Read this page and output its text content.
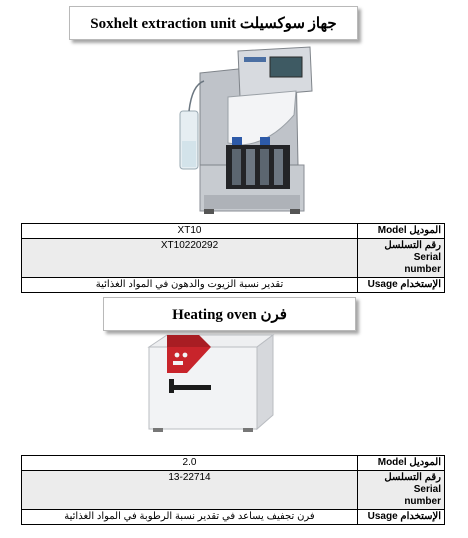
Soxhelt extraction unit جهاز سوكسيلت
XT10	الموديل Model
XT10220292	رقم التسلسل Serial
number

تقدير نسبة الزيوت والدهون في المواد الغذائية	الإستخدام Usage
Heating oven فرن
2.0	الموديل Model
13-22714	رقم التسلسل Serial
number

فرن تجفيف يساعد في تقدير نسبة الرطوبة في المواد الغذائية	الإستخدام Usage
